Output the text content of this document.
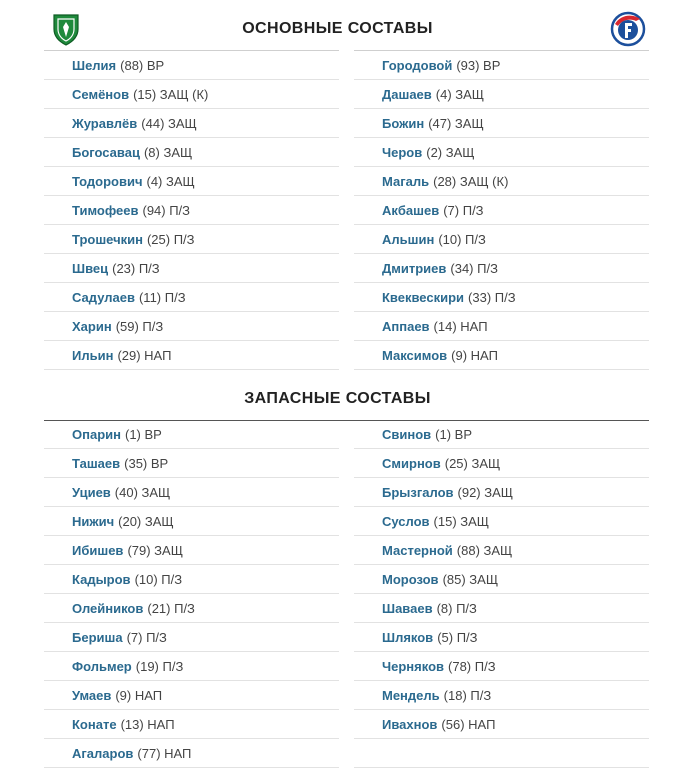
ОСНОВНЫЕ СОСТАВЫ
Шелия (88) ВР
Семёнов (15) ЗАЩ (К)
Журавлёв (44) ЗАЩ
Богосавац (8) ЗАЩ
Тодорович (4) ЗАЩ
Тимофеев (94) П/З
Трошечкин (25) П/З
Швец (23) П/З
Садулаев (11) П/З
Харин (59) П/З
Ильин (29) НАП
Городовой (93) ВР
Дашаев (4) ЗАЩ
Божин (47) ЗАЩ
Черов (2) ЗАЩ
Магаль (28) ЗАЩ (К)
Акбашев (7) П/З
Альшин (10) П/З
Дмитриев (34) П/З
Квеквескири (33) П/З
Аппаев (14) НАП
Максимов (9) НАП
ЗАПАСНЫЕ СОСТАВЫ
Опарин (1) ВР
Ташаев (35) ВР
Уциев (40) ЗАЩ
Нижич (20) ЗАЩ
Ибишев (79) ЗАЩ
Кадыров (10) П/З
Олейников (21) П/З
Бериша (7) П/З
Фольмер (19) П/З
Умаев (9) НАП
Конате (13) НАП
Агаларов (77) НАП
Свинов (1) ВР
Смирнов (25) ЗАЩ
Брызгалов (92) ЗАЩ
Суслов (15) ЗАЩ
Мастерной (88) ЗАЩ
Морозов (85) ЗАЩ
Шаваев (8) П/З
Шляков (5) П/З
Черняков (78) П/З
Мендель (18) П/З
Ивахнов (56) НАП
